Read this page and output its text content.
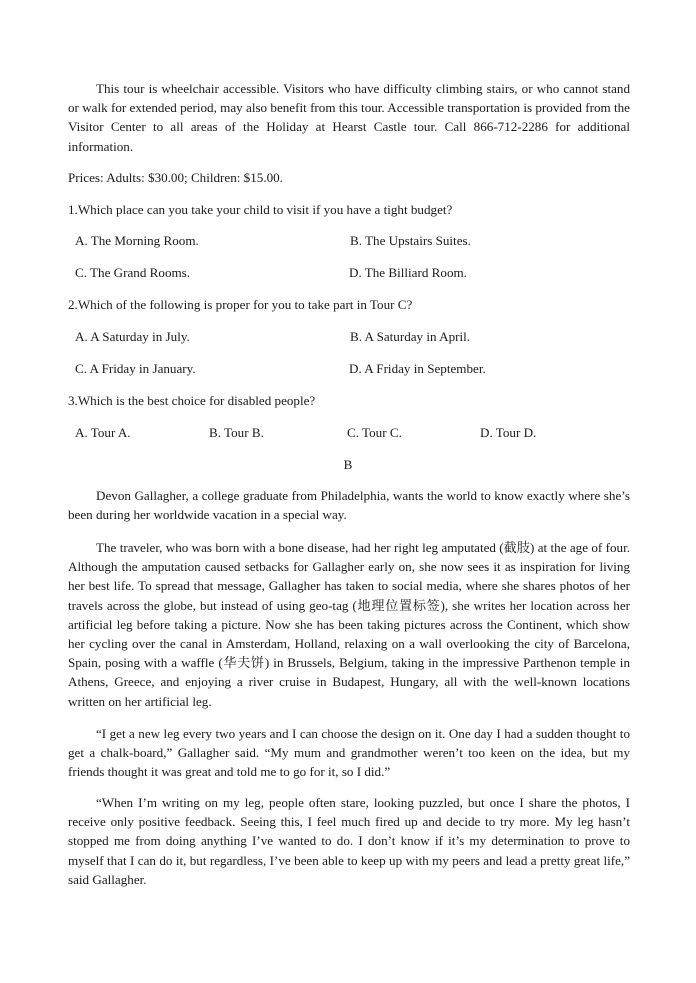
This tour is wheelchair accessible. Visitors who have difficulty climbing stairs, or who cannot stand or walk for extended period, may also benefit from this tour. Accessible transportation is provided from the Visitor Center to all areas of the Holiday at Hearst Castle tour. Call 866-712-2286 for additional information.

Prices: Adults: $30.00; Children: $15.00.

1.Which place can you take your child to visit if you have a tight budget?

A. The Morning Room.	B. The Upstairs Suites.
C. The Grand Rooms.	D. The Billiard Room.

2.Which of the following is proper for you to take part in Tour C?

A. A Saturday in July.	B. A Saturday in April.
C. A Friday in January.	D. A Friday in September.

3.Which is the best choice for disabled people?

A. Tour A.	B. Tour B.	C. Tour C.	D. Tour D.
B

Devon Gallagher, a college graduate from Philadelphia, wants the world to know exactly where she’s been during her worldwide vacation in a special way.

The traveler, who was born with a bone disease, had her right leg amputated (截肢) at the age of four. Although the amputation caused setbacks for Gallagher early on, she now sees it as inspiration for living her best life. To spread that message, Gallagher has taken to social media, where she shares photos of her travels across the globe, but instead of using geo-tag (地理位置标签), she writes her location across her artificial leg before taking a picture. Now she has been taking pictures across the Continent, which show her cycling over the canal in Amsterdam, Holland, relaxing on a wall overlooking the city of Barcelona, Spain, posing with a waffle (华夫饼) in Brussels, Belgium, taking in the impressive Parthenon temple in Athens, Greece, and enjoying a river cruise in Budapest, Hungary, all with the well-known locations written on her artificial leg.

“I get a new leg every two years and I can choose the design on it. One day I had a sudden thought to get a chalk-board,” Gallagher said. “My mum and grandmother weren’t too keen on the idea, but my friends thought it was great and told me to go for it, so I did.”

“When I’m writing on my leg, people often stare, looking puzzled, but once I share the photos, I receive only positive feedback. Seeing this, I feel much fired up and decide to try more. My leg hasn’t stopped me from doing anything I’ve wanted to do. I don’t know if it’s my determination to prove to myself that I can do it, but regardless, I’ve been able to keep up with my peers and lead a pretty great life,” said Gallagher.
